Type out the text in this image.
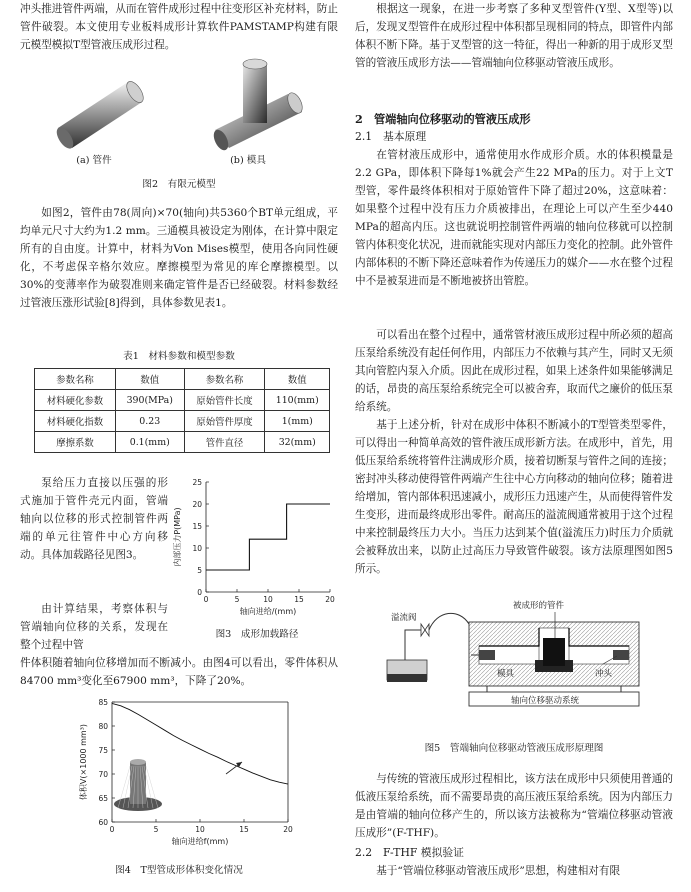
冲头推进管件两端，从而在管件成形过程中往变形区补充材料，防止管件破裂。本文使用专业板料成形计算软件PAMSTAMP构建有限元模型模拟T型管液压成形过程。

(a) 管件	(b) 模具
图2　有限元模型

如图2，管件由78(周向)×70(轴向)共5360个BT单元组成，平均单元尺寸大约为1.2 mm。三通模具被设定为刚体，在计算中限定所有的自由度。计算中，材料为Von Mises模型，使用各向同性硬化，不考虑保辛格尔效应。摩擦模型为常见的库仑摩擦模型。以30%的变薄率作为破裂准则来确定管件是否已经破裂。材料参数经过管液压涨形试验[8]得到，具体参数见表1。

表1　材料参数和模型参数
参数名称	数值	参数名称	数值
材料硬化参数	390(MPa)	原始管件长度	110(mm)
材料硬化指数	0.23	原始管件厚度	1(mm)
摩擦系数	0.1(mm)	管件直径	32(mm)

泵给压力直接以压强的形式施加于管件壳元内面，管端轴向以位移的形式控制管件两端的单元往管件中心方向移动。具体加载路径见图3。

由计算结果，考察体积与管端轴向位移的关系，发现在整个过程中管

0	5	10	15	20
0
5
10
15
20
25
轴向进给/(mm)
内部压力P(MPa)
图3　成形加载路径

件体积随着轴向位移增加而不断减小。由图4可以看出，零件体积从84700 mm³变化至67900 mm³，下降了20%。

0	5	10	15	20
60
65
70
75
80
85
轴向进给f(mm)
体积V(×1000 mm³)
图4　T型管成形体积变化情况

根据这一现象，在进一步考察了多种叉型管件(Y型、X型等)以后，发现叉型管件在成形过程中体积都呈现相同的特点，即管件内部体积不断下降。基于叉型管的这一特征，得出一种新的用于成形叉型管的管液压成形方法——管端轴向位移驱动管液压成形。

2　管端轴向位移驱动的管液压成形
2.1　基本原理

在管材液压成形中，通常使用水作成形介质。水的体积模量是2.2 GPa，即体积下降每1%就会产生22 MPa的压力。对于上文T型管，零件最终体积相对于原始管件下降了超过20%，这意味着：如果整个过程中没有压力介质被排出，在理论上可以产生至少440 MPa的超高内压。这也就说明控制管件两端的轴向位移就可以控制管内体积变化状况，进而就能实现对内部压力变化的控制。此外管件内部体积的不断下降还意味着作为传递压力的媒介——水在整个过程中不是被泵进而是不断地被挤出管腔。

可以看出在整个过程中，通常管材液压成形过程中所必须的超高压泵给系统没有起任何作用，内部压力不依赖与其产生，同时又无须其向管腔内泵入介质。因此在成形过程，如果上述条件如果能够满足的话，昂贵的高压泵给系统完全可以被舍弃，取而代之廉价的低压泵给系统。

基于上述分析，针对在成形中体积不断减小的T型管类型零件，可以得出一种简单高效的管件液压成形新方法。在成形中，首先，用低压泵给系统将管件注满成形介质，接着切断泵与管件之间的连接；密封冲头移动使得管件两端产生往中心方向移动的轴向位移；随着进给增加，管内部体积迅速减小，成形压力迅速产生，从而使得管件发生变形，进而最终成形出零件。耐高压的溢流阀通常被用于这个过程中来控制最终压力大小。当压力达到某个值(溢流压力)时压力介质就会被释放出来，以防止过高压力导致管件破裂。该方法原理图如图5所示。

被成形的管件
溢流阀
模具	冲头
轴向位移驱动系统
图5　管端轴向位移驱动管液压成形原理图

与传统的管液压成形过程相比，该方法在成形中只须使用普通的低液压泵给系统，而不需要昂贵的高压液压泵给系统。因为内部压力是由管端的轴向位移产生的，所以该方法被称为“管端位移驱动管液压成形”(F-THF)。

2.2　F-THF 模拟验证

基于“管端位移驱动管液压成形”思想，构建相对有限
